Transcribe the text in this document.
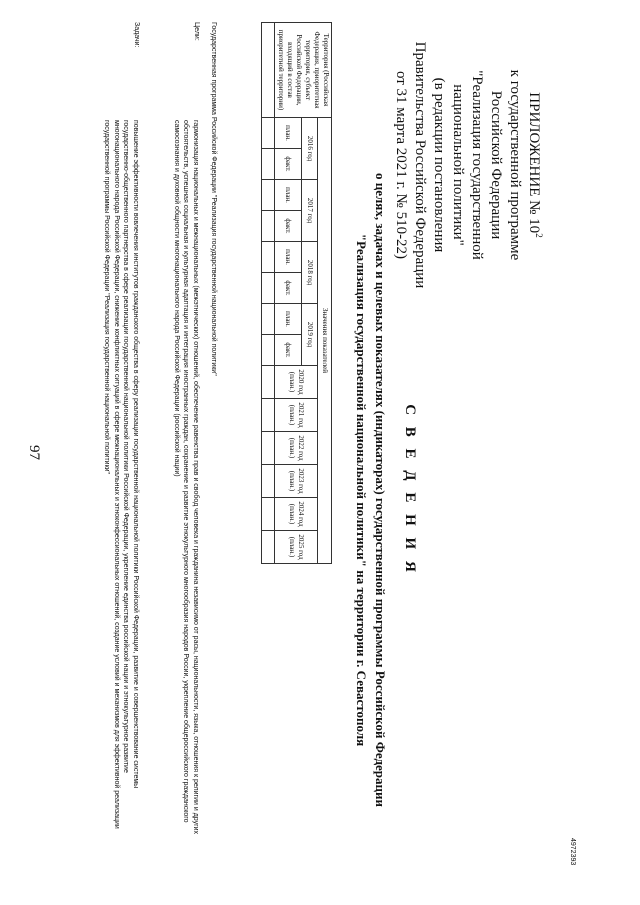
97
4972393
ПРИЛОЖЕНИЕ № $10^2$
к государственной программе
Российской Федерации
"Реализация государственной
национальной политики"
(в редакции постановления
Правительства Российской Федерации
от 31 марта 2021 г. № 510-22)
С В Е Д Е Н И Я
о целях, задачах и целевых показателях (индикаторах) государственной программы Российской Федерации
"Реализация государственной национальной политики" на территории г. Севастополя
Территория (Российская Федерация, приоритетная территория, субъект Российской Федерации, входящий в состав приоритетной территории)	Значения показателей													
	2016 год		2017 год		2018 год		2019 год		2020 год (план.)	2021 год (план.)	2022 год (план.)	2023 год (план.)	2024 год (план.)	2025 год (план.)
	план.	факт.	план.	факт.	план.	факт.	план.	факт.						

Государственная программа Российской Федерации "Реализация государственной национальной политики"
Цели:
гармонизация национальных и межнациональных (межэтнических) отношений, обеспечение равенства прав и свобод человека и гражданина независимо от расы, национальности, языка, отношения к религии и других обстоятельств, успешная социальная и культурная адаптация и интеграция иностранных граждан, сохранение и развитие этнокультурного многообразия народов России, укрепление общероссийского гражданского самосознания и духовной общности многонационального народа Российской Федерации (российской нации)
Задачи:
повышение эффективности вовлечения институтов гражданского общества в сферу реализации государственной национальной политики Российской Федерации, развитие и совершенствование системы государственно-общественного партнерства в сфере реализации государственной национальной политики Российской Федерации, укрепление единства российской нации и этнокультурное развитие многонационального народа Российской Федерации, снижение конфликтных ситуаций в сфере межнациональных и этноконфессиональных отношений, создание условий и механизмов для эффективной реализации государственной программы Российской Федерации "Реализация государственной национальной политики"
